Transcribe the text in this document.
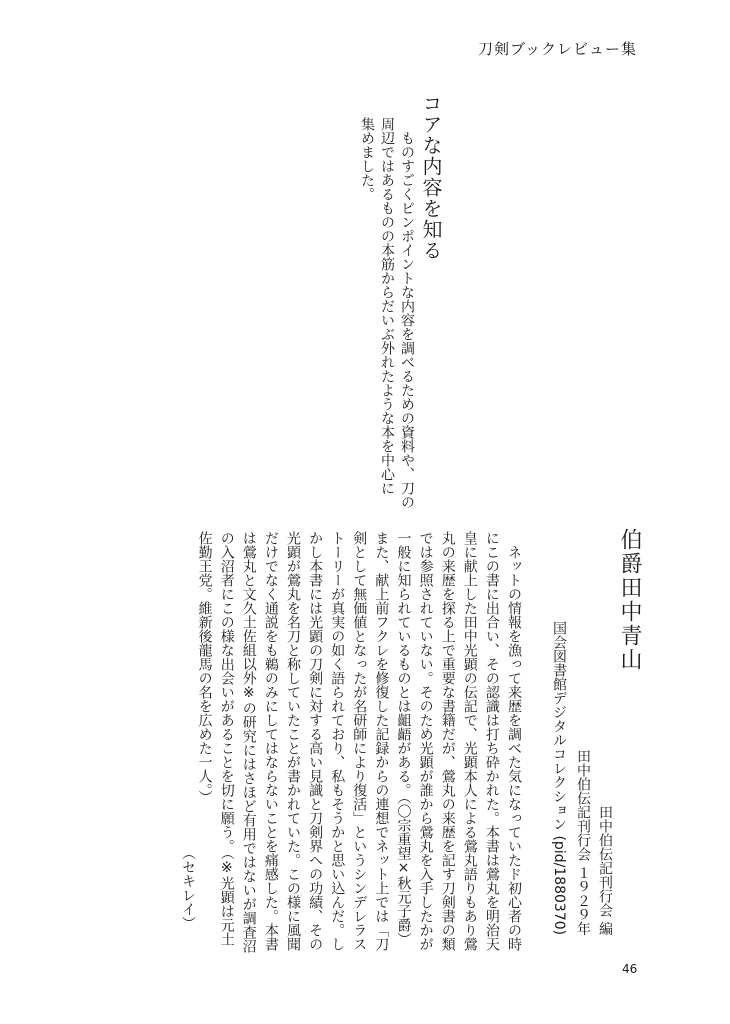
刀剣ブックレビュー集
コアな内容を知る
ものすごくピンポイントな内容を調べるための資料や、刀の
周辺ではあるものの本筋からだいぶ外れたような本を中心に
集めました。
伯爵田中青山
田中伯伝記刊行会 編
田中伯伝記刊行会 １９２９年
国会図書館デジタルコレクション (pid/1880370)
ネットの情報を漁って来歴を調べた気になっていたド初心者の時
にこの書に出合い、その認識は打ち砕かれた。本書は鶯丸を明治天
皇に献上した田中光顕の伝記で、光顕本人による鶯丸語りもあり鶯
丸の来歴を探る上で重要な書籍だが、鶯丸の来歴を記す刀剣書の類
では参照されていない。そのため光顕が誰から鶯丸を入手したかが
一般に知られているものとは齟齬がある。（〇宗重望×秋元子爵）
また、献上前フクレを修復した記録からの連想でネット上では「刀
剣として無価値となったが名研師により復活」というシンデレラス
トーリーが真実の如く語られており、私もそうかと思い込んだ。し
かし本書には光顕の刀剣に対する高い見識と刀剣界への功績、その
光顕が鶯丸を名刀と称していたことが書かれていた。この様に風聞
だけでなく通説をも鵜のみにしてはならないことを痛感した。本書
は鶯丸と文久土佐組以外※の研究にはさほど有用ではないが調査沼
の入沼者にこの様な出会いがあることを切に願う。（※光顕は元土
佐勤王党。維新後龍馬の名を広めた一人。）
（セキレイ）
46
